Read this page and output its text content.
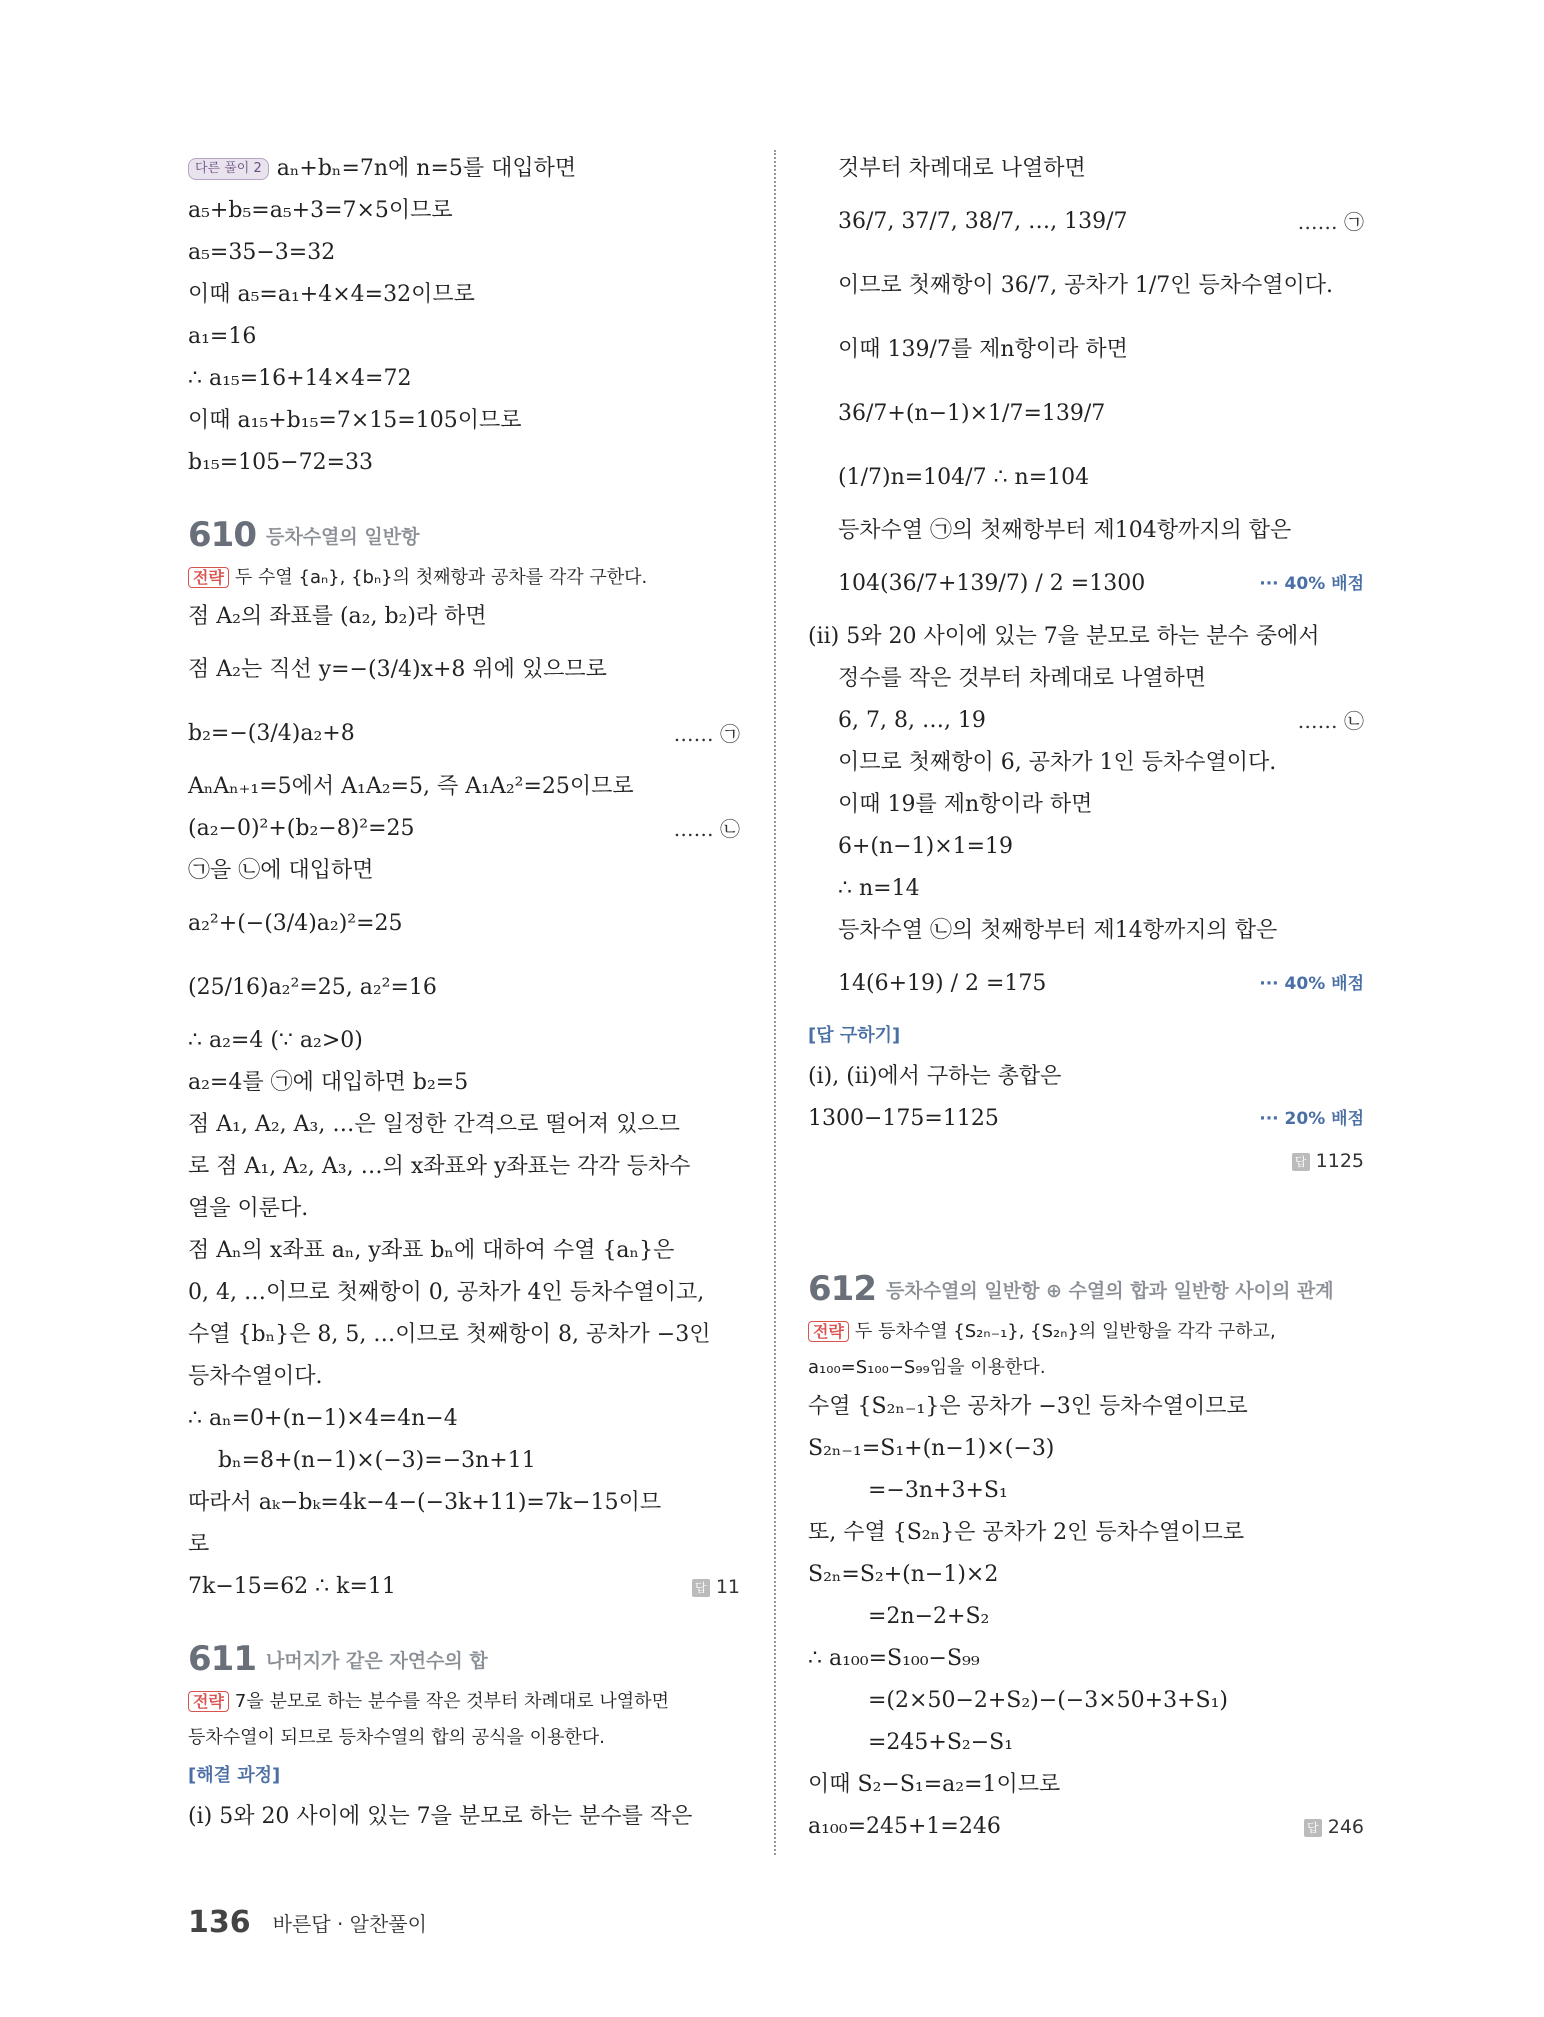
다른 풀이 2 aₙ+bₙ=7n에 n=5를 대입하면
a₅+b₅=a₅+3=7×5이므로
a₅=35−3=32
이때 a₅=a₁+4×4=32이므로
a₁=16
∴ a₁₅=16+14×4=72
이때 a₁₅+b₁₅=7×15=105이므로
b₁₅=105−72=33
610 등차수열의 일반항
전략 두 수열 {aₙ}, {bₙ}의 첫째항과 공차를 각각 구한다.
점 A₂의 좌표를 (a₂, b₂)라 하면
점 A₂는 직선 y=−(3/4)x+8 위에 있으므로
b₂=−(3/4)a₂+8	…… ㉠
AₙAₙ₊₁=5에서 A₁A₂=5, 즉 A₁A₂²=25이므로
(a₂−0)²+(b₂−8)²=25	…… ㉡
㉠을 ㉡에 대입하면
a₂²+(−(3/4)a₂)²=25
(25/16)a₂²=25, a₂²=16
∴ a₂=4 (∵ a₂>0)
a₂=4를 ㉠에 대입하면 b₂=5
점 A₁, A₂, A₃, …은 일정한 간격으로 떨어져 있으므
로 점 A₁, A₂, A₃, …의 x좌표와 y좌표는 각각 등차수
열을 이룬다.
점 Aₙ의 x좌표 aₙ, y좌표 bₙ에 대하여 수열 {aₙ}은
0, 4, …이므로 첫째항이 0, 공차가 4인 등차수열이고,
수열 {bₙ}은 8, 5, …이므로 첫째항이 8, 공차가 −3인
등차수열이다.
∴ aₙ=0+(n−1)×4=4n−4
bₙ=8+(n−1)×(−3)=−3n+11
따라서 aₖ−bₖ=4k−4−(−3k+11)=7k−15이므
로
7k−15=62 ∴ k=11	답 11
611 나머지가 같은 자연수의 합
전략 7을 분모로 하는 분수를 작은 것부터 차례대로 나열하면
등차수열이 되므로 등차수열의 합의 공식을 이용한다.
[해결 과정]
(i) 5와 20 사이에 있는 7을 분모로 하는 분수를 작은
것부터 차례대로 나열하면
36/7, 37/7, 38/7, …, 139/7	…… ㉠
이므로 첫째항이 36/7, 공차가 1/7인 등차수열이다.
이때 139/7를 제n항이라 하면
36/7+(n−1)×1/7=139/7
(1/7)n=104/7 ∴ n=104
등차수열 ㉠의 첫째항부터 제104항까지의 합은
104(36/7+139/7) / 2 =1300	··· 40% 배점
(ii) 5와 20 사이에 있는 7을 분모로 하는 분수 중에서
정수를 작은 것부터 차례대로 나열하면
6, 7, 8, …, 19	…… ㉡
이므로 첫째항이 6, 공차가 1인 등차수열이다.
이때 19를 제n항이라 하면
6+(n−1)×1=19
∴ n=14
등차수열 ㉡의 첫째항부터 제14항까지의 합은
14(6+19) / 2 =175	··· 40% 배점
[답 구하기]
(i), (ii)에서 구하는 총합은
1300−175=1125	··· 20% 배점
답 1125
612 등차수열의 일반항 ⊕ 수열의 합과 일반항 사이의 관계
전략 두 등차수열 {S₂ₙ₋₁}, {S₂ₙ}의 일반항을 각각 구하고,
a₁₀₀=S₁₀₀−S₉₉임을 이용한다.
수열 {S₂ₙ₋₁}은 공차가 −3인 등차수열이므로
S₂ₙ₋₁=S₁+(n−1)×(−3)
=−3n+3+S₁
또, 수열 {S₂ₙ}은 공차가 2인 등차수열이므로
S₂ₙ=S₂+(n−1)×2
=2n−2+S₂
∴ a₁₀₀=S₁₀₀−S₉₉
=(2×50−2+S₂)−(−3×50+3+S₁)
=245+S₂−S₁
이때 S₂−S₁=a₂=1이므로
a₁₀₀=245+1=246	답 246
136 바른답 · 알찬풀이
